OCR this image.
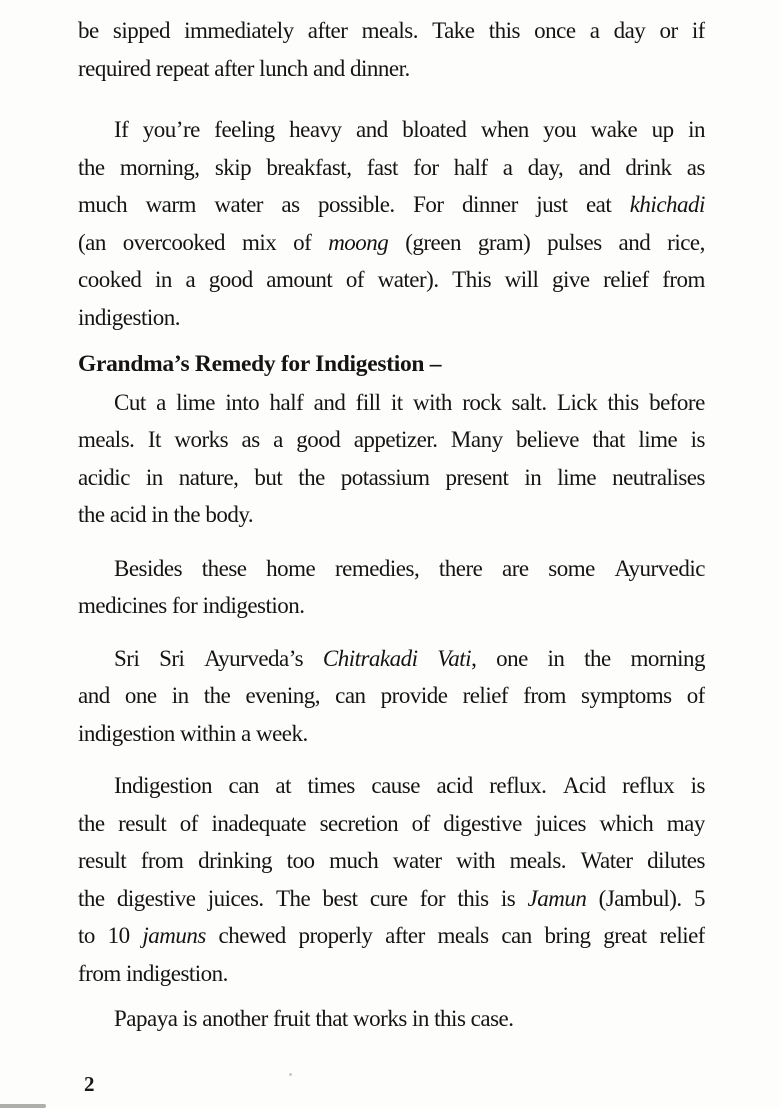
be sipped immediately after meals. Take this once a day or if
required repeat after lunch and dinner.
If you’re feeling heavy and bloated when you wake up in
the morning, skip breakfast, fast for half a day, and drink as
much warm water as possible. For dinner just eat khichadi
(an overcooked mix of moong (green gram) pulses and rice,
cooked in a good amount of water). This will give relief from
indigestion.
Grandma’s Remedy for Indigestion –
Cut a lime into half and fill it with rock salt. Lick this before
meals. It works as a good appetizer. Many believe that lime is
acidic in nature, but the potassium present in lime neutralises
the acid in the body.
Besides these home remedies, there are some Ayurvedic
medicines for indigestion.
Sri Sri Ayurveda’s Chitrakadi Vati, one in the morning
and one in the evening, can provide relief from symptoms of
indigestion within a week.
Indigestion can at times cause acid reflux. Acid reflux is
the result of inadequate secretion of digestive juices which may
result from drinking too much water with meals. Water dilutes
the digestive juices. The best cure for this is Jamun (Jambul). 5
to 10 jamuns chewed properly after meals can bring great relief
from indigestion.
Papaya is another fruit that works in this case.
2
